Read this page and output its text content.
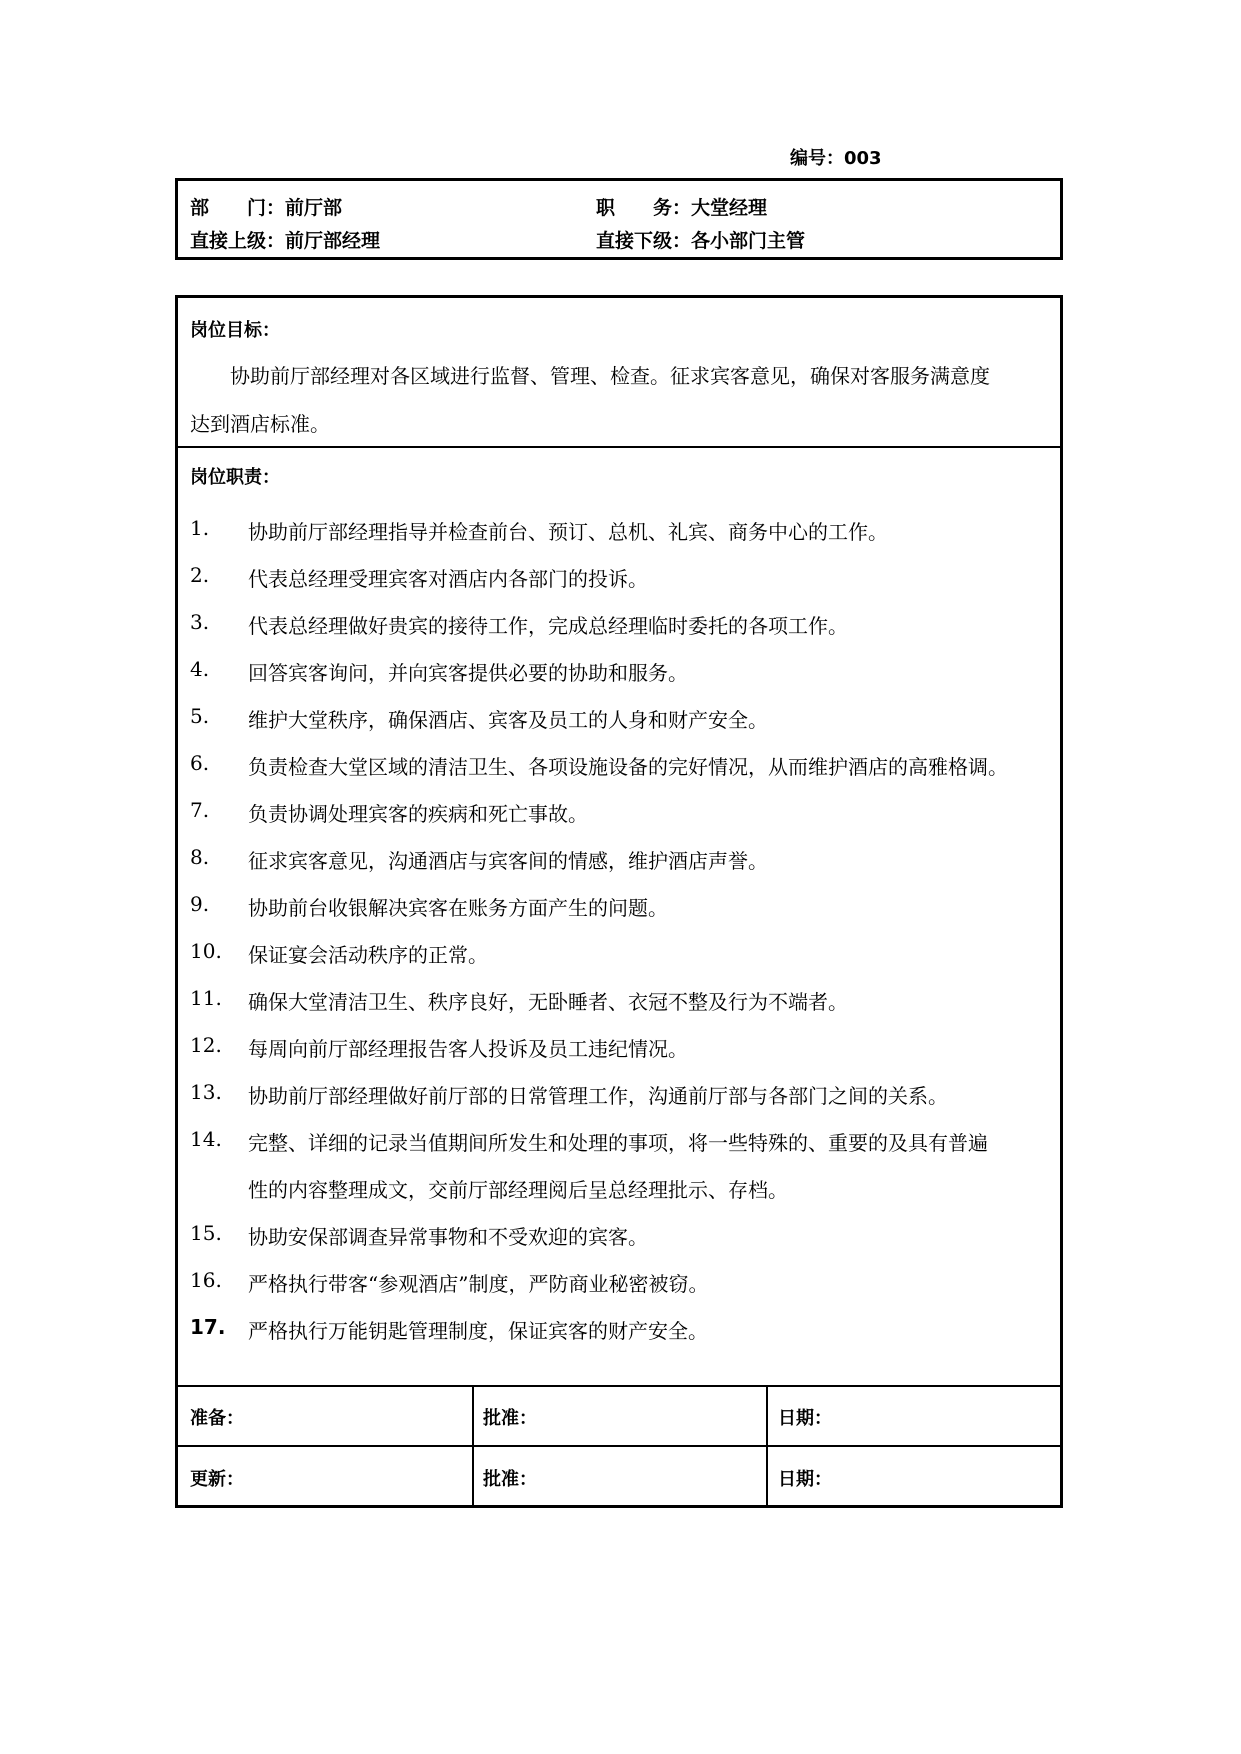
编号：003
部　　门：前厅部	职　　务：大堂经理
直接上级：前厅部经理	直接下级：各小部门主管
岗位目标：
协助前厅部经理对各区域进行监督、管理、检查。征求宾客意见，确保对客服务满意度
达到酒店标准。
岗位职责：
1. 协助前厅部经理指导并检查前台、预订、总机、礼宾、商务中心的工作。
2. 代表总经理受理宾客对酒店内各部门的投诉。
3. 代表总经理做好贵宾的接待工作，完成总经理临时委托的各项工作。
4. 回答宾客询问，并向宾客提供必要的协助和服务。
5. 维护大堂秩序，确保酒店、宾客及员工的人身和财产安全。
6. 负责检查大堂区域的清洁卫生、各项设施设备的完好情况，从而维护酒店的高雅格调。
7. 负责协调处理宾客的疾病和死亡事故。
8. 征求宾客意见，沟通酒店与宾客间的情感，维护酒店声誉。
9. 协助前台收银解决宾客在账务方面产生的问题。
10. 保证宴会活动秩序的正常。
11. 确保大堂清洁卫生、秩序良好，无卧睡者、衣冠不整及行为不端者。
12. 每周向前厅部经理报告客人投诉及员工违纪情况。
13. 协助前厅部经理做好前厅部的日常管理工作，沟通前厅部与各部门之间的关系。
14. 完整、详细的记录当值期间所发生和处理的事项，将一些特殊的、重要的及具有普遍
性的内容整理成文，交前厅部经理阅后呈总经理批示、存档。
15. 协助安保部调查异常事物和不受欢迎的宾客。
16. 严格执行带客“参观酒店”制度，严防商业秘密被窃。
17. 严格执行万能钥匙管理制度，保证宾客的财产安全。
准备：	批准：	日期：
更新：	批准：	日期：
